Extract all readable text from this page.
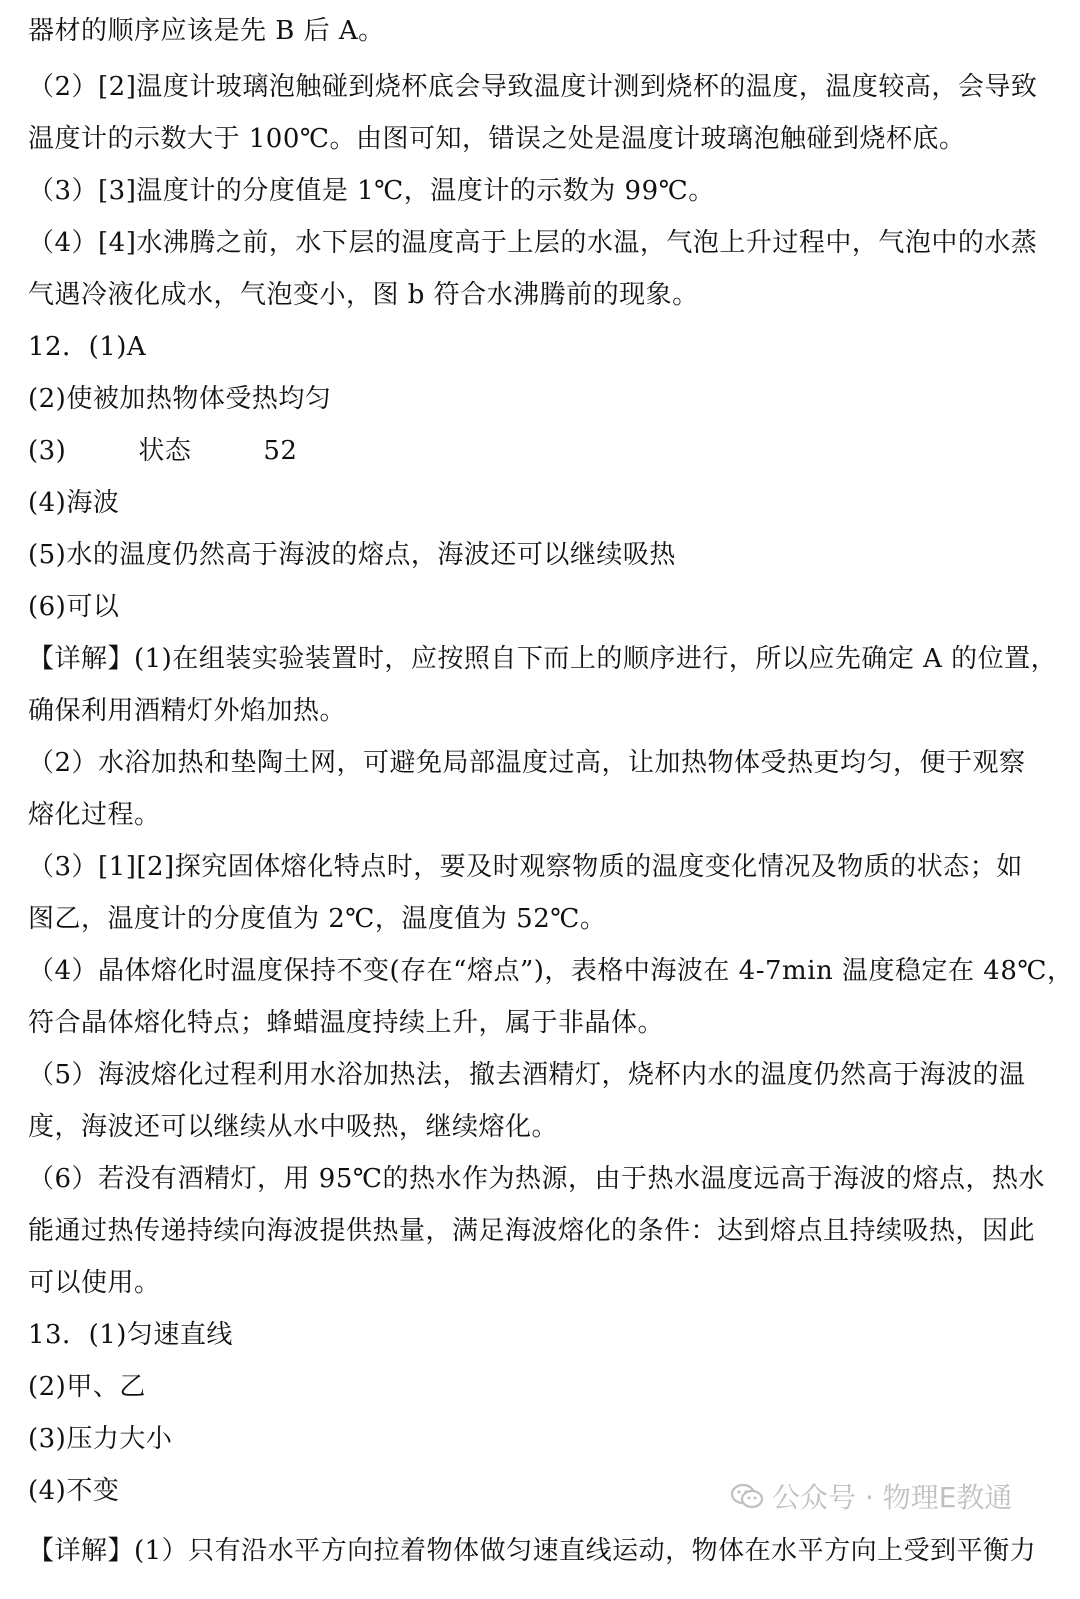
器材的顺序应该是先 B 后 A。
（2）[2]温度计玻璃泡触碰到烧杯底会导致温度计测到烧杯的温度，温度较高，会导致
温度计的示数大于 100℃。由图可知，错误之处是温度计玻璃泡触碰到烧杯底。
（3）[3]温度计的分度值是 1℃，温度计的示数为 99℃。
（4）[4]水沸腾之前，水下层的温度高于上层的水温，气泡上升过程中，气泡中的水蒸
气遇冷液化成水，气泡变小，图 b 符合水沸腾前的现象。
12．(1)A
(2)使被加热物体受热均匀
(3)	状态	52
(4)海波
(5)水的温度仍然高于海波的熔点，海波还可以继续吸热
(6)可以
【详解】(1)在组装实验装置时，应按照自下而上的顺序进行，所以应先确定 A 的位置，
确保利用酒精灯外焰加热。
（2）水浴加热和垫陶土网，可避免局部温度过高，让加热物体受热更均匀，便于观察
熔化过程。
（3）[1][2]探究固体熔化特点时，要及时观察物质的温度变化情况及物质的状态；如
图乙，温度计的分度值为 2℃，温度值为 52℃。
（4）晶体熔化时温度保持不变(存在“熔点”)，表格中海波在 4-7min 温度稳定在 48℃，
符合晶体熔化特点；蜂蜡温度持续上升，属于非晶体。
（5）海波熔化过程利用水浴加热法，撤去酒精灯，烧杯内水的温度仍然高于海波的温
度，海波还可以继续从水中吸热，继续熔化。
（6）若没有酒精灯，用 95℃的热水作为热源，由于热水温度远高于海波的熔点，热水
能通过热传递持续向海波提供热量，满足海波熔化的条件：达到熔点且持续吸热，因此
可以使用。
13．(1)匀速直线
(2)甲、乙
(3)压力大小
(4)不变
【详解】(1）只有沿水平方向拉着物体做匀速直线运动，物体在水平方向上受到平衡力
公众号 · 物理E教通
